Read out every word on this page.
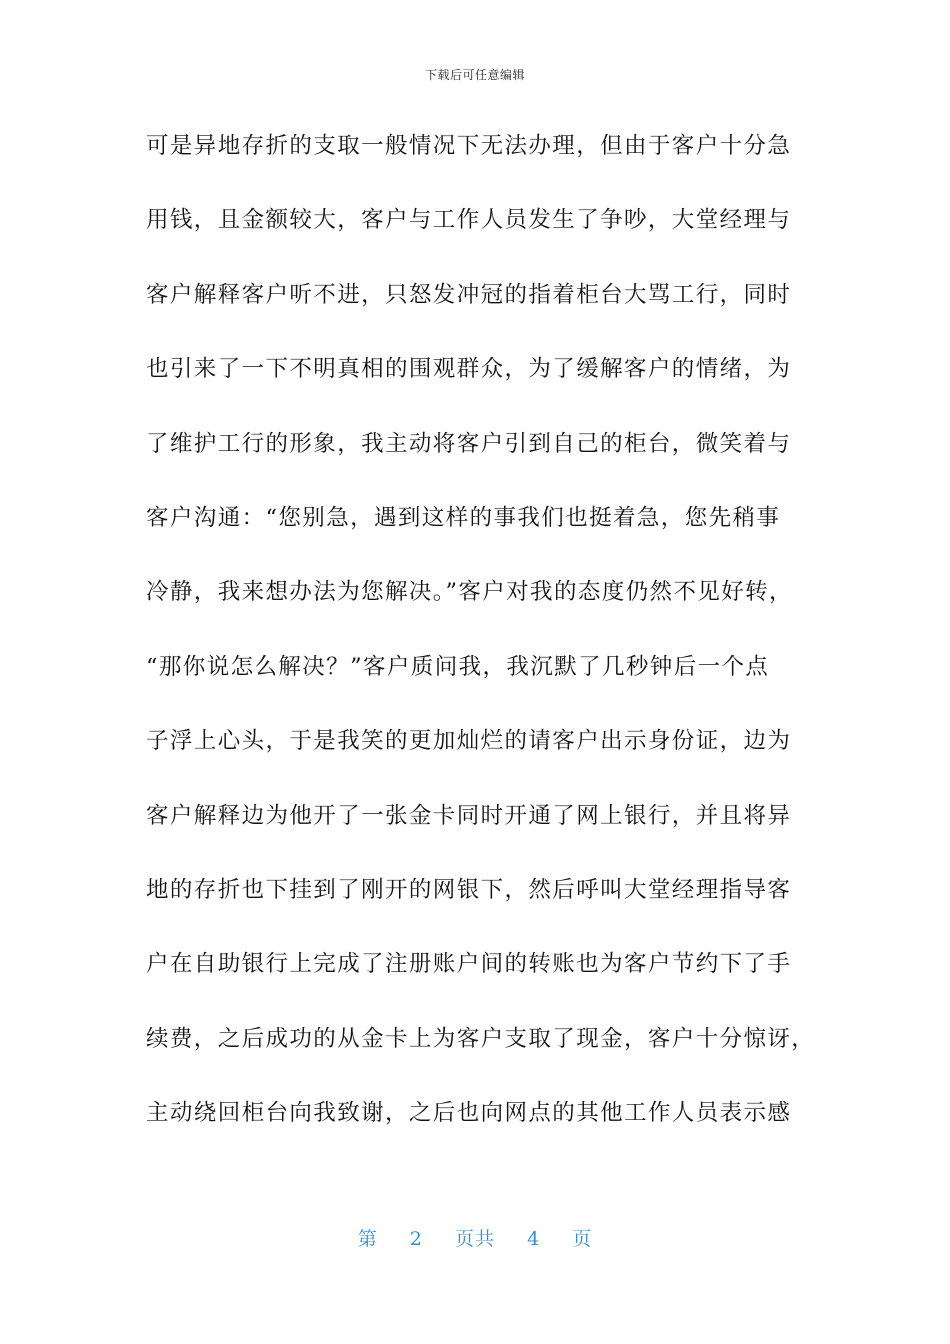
下载后可任意编辑
可是异地存折的支取一般情况下无法办理，但由于客户十分急
用钱，且金额较大，客户与工作人员发生了争吵，大堂经理与
客户解释客户听不进，只怒发冲冠的指着柜台大骂工行，同时
也引来了一下不明真相的围观群众，为了缓解客户的情绪，为
了维护工行的形象，我主动将客户引到自己的柜台，微笑着与
客户沟通：“您别急，遇到这样的事我们也挺着急，您先稍事
冷静，我来想办法为您解决。”客户对我的态度仍然不见好转，
“那你说怎么解决？”客户质问我，我沉默了几秒钟后一个点
子浮上心头，于是我笑的更加灿烂的请客户出示身份证，边为
客户解释边为他开了一张金卡同时开通了网上银行，并且将异
地的存折也下挂到了刚开的网银下，然后呼叫大堂经理指导客
户在自助银行上完成了注册账户间的转账也为客户节约下了手
续费，之后成功的从金卡上为客户支取了现金，客户十分惊讶，
主动绕回柜台向我致谢，之后也向网点的其他工作人员表示感
第 2 页共 4 页
